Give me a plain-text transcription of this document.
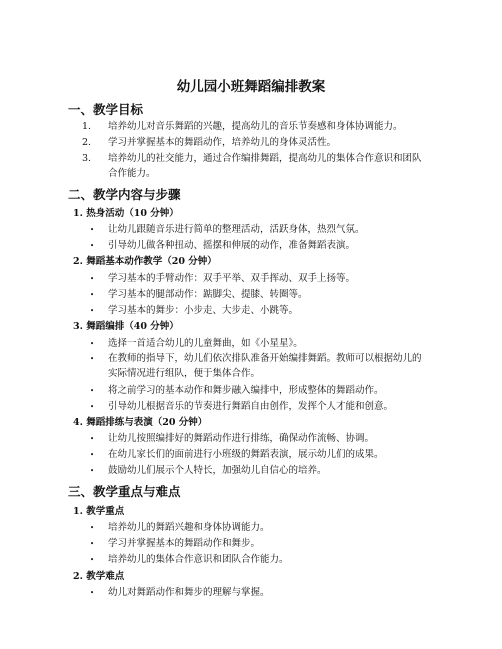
幼儿园小班舞蹈编排教案
一、教学目标
1. 培养幼儿对音乐舞蹈的兴趣，提高幼儿的音乐节奏感和身体协调能力。
2. 学习并掌握基本的舞蹈动作，培养幼儿的身体灵活性。
3. 培养幼儿的社交能力，通过合作编排舞蹈，提高幼儿的集体合作意识和团队
合作能力。
二、教学内容与步骤
1. 热身活动（10 分钟）
• 让幼儿跟随音乐进行简单的整理活动，活跃身体，热烈气氛。
• 引导幼儿做各种扭动、摇摆和伸展的动作，准备舞蹈表演。
2. 舞蹈基本动作教学（20 分钟）
• 学习基本的手臂动作：双手平举、双手挥动、双手上扬等。
• 学习基本的腿部动作：踮脚尖、提膝、转圈等。
• 学习基本的舞步：小步走、大步走、小跳等。
3. 舞蹈编排（40 分钟）
• 选择一首适合幼儿的儿童舞曲，如《小星星》。
• 在教师的指导下，幼儿们依次排队准备开始编排舞蹈。教师可以根据幼儿的
实际情况进行组队，便于集体合作。
• 将之前学习的基本动作和舞步融入编排中，形成整体的舞蹈动作。
• 引导幼儿根据音乐的节奏进行舞蹈自由创作，发挥个人才能和创意。
4. 舞蹈排练与表演（20 分钟）
• 让幼儿按照编排好的舞蹈动作进行排练，确保动作流畅、协调。
• 在幼儿家长们的面前进行小班级的舞蹈表演，展示幼儿们的成果。
• 鼓励幼儿们展示个人特长，加强幼儿自信心的培养。
三、教学重点与难点
1. 教学重点
• 培养幼儿的舞蹈兴趣和身体协调能力。
• 学习并掌握基本的舞蹈动作和舞步。
• 培养幼儿的集体合作意识和团队合作能力。
2. 教学难点
• 幼儿对舞蹈动作和舞步的理解与掌握。
